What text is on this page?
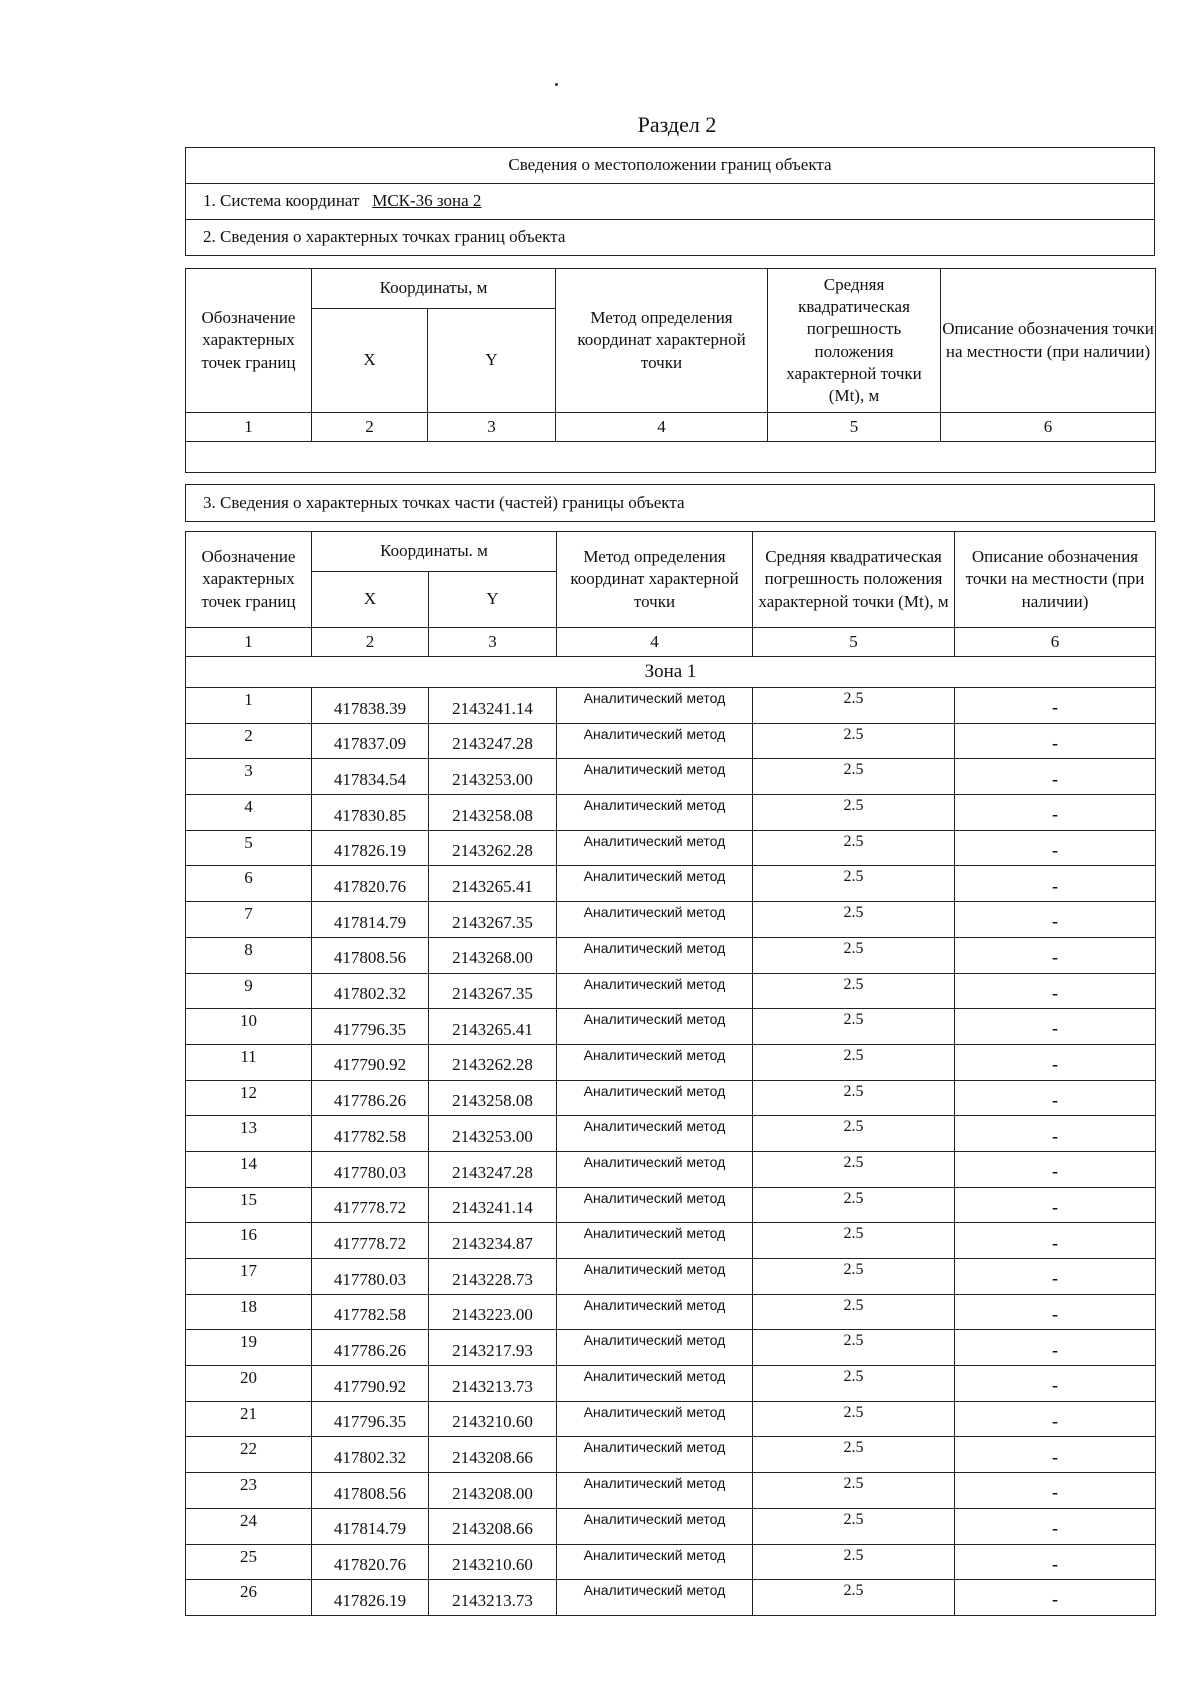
Раздел 2
Сведения о местоположении границ объекта
1. Система координат МСК-36 зона 2
2. Сведения о характерных точках границ объекта
Обозначение характерных точек границ	Координаты, м		Метод определения координат характерной точки	Средняя квадратическая погрешность положения характерной точки (Mt), м	Описание обозначения точки на местности (при наличии)
	X	Y			
1	2	3	4	5	6

3. Сведения о характерных точках части (частей) границы объекта
Обозначение характерных точек границ	Координаты. м		Метод определения координат характерной точки	Средняя квадратическая погрешность положения характерной точки (Mt), м	Описание обозначения точки на местности (при наличии)
	X	Y			
1	2	3	4	5	6
Зона 1					
1	417838.39	2143241.14	Аналитический метод	2.5	-
2	417837.09	2143247.28	Аналитический метод	2.5	-
3	417834.54	2143253.00	Аналитический метод	2.5	-
4	417830.85	2143258.08	Аналитический метод	2.5	-
5	417826.19	2143262.28	Аналитический метод	2.5	-
6	417820.76	2143265.41	Аналитический метод	2.5	-
7	417814.79	2143267.35	Аналитический метод	2.5	-
8	417808.56	2143268.00	Аналитический метод	2.5	-
9	417802.32	2143267.35	Аналитический метод	2.5	-
10	417796.35	2143265.41	Аналитический метод	2.5	-
11	417790.92	2143262.28	Аналитический метод	2.5	-
12	417786.26	2143258.08	Аналитический метод	2.5	-
13	417782.58	2143253.00	Аналитический метод	2.5	-
14	417780.03	2143247.28	Аналитический метод	2.5	-
15	417778.72	2143241.14	Аналитический метод	2.5	-
16	417778.72	2143234.87	Аналитический метод	2.5	-
17	417780.03	2143228.73	Аналитический метод	2.5	-
18	417782.58	2143223.00	Аналитический метод	2.5	-
19	417786.26	2143217.93	Аналитический метод	2.5	-
20	417790.92	2143213.73	Аналитический метод	2.5	-
21	417796.35	2143210.60	Аналитический метод	2.5	-
22	417802.32	2143208.66	Аналитический метод	2.5	-
23	417808.56	2143208.00	Аналитический метод	2.5	-
24	417814.79	2143208.66	Аналитический метод	2.5	-
25	417820.76	2143210.60	Аналитический метод	2.5	-
26	417826.19	2143213.73	Аналитический метод	2.5	-
